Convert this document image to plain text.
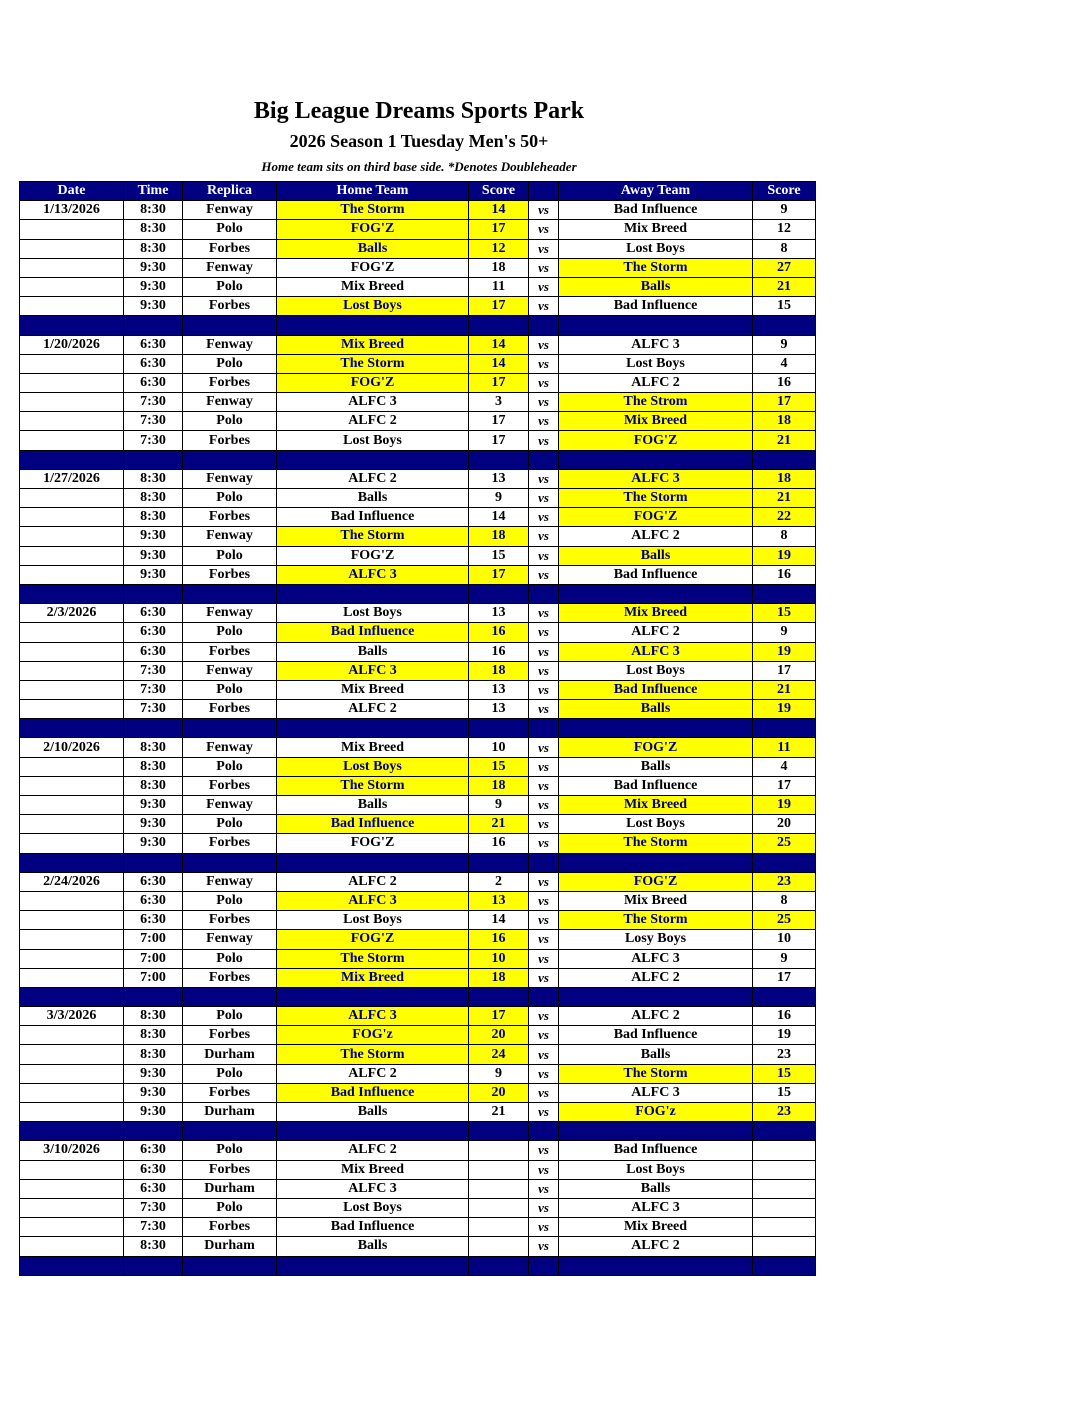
Big League Dreams Sports Park
2026 Season 1 Tuesday Men's 50+
Home team sits on third base side. *Denotes Doubleheader
Date	Time	Replica	Home Team	Score		Away Team	Score
1/13/2026	8:30	Fenway	The Storm	14	vs	Bad Influence	9
	8:30	Polo	FOG'Z	17	vs	Mix Breed	12
	8:30	Forbes	Balls	12	vs	Lost Boys	8
	9:30	Fenway	FOG'Z	18	vs	The Storm	27
	9:30	Polo	Mix Breed	11	vs	Balls	21
	9:30	Forbes	Lost Boys	17	vs	Bad Influence	15

1/20/2026	6:30	Fenway	Mix Breed	14	vs	ALFC 3	9
	6:30	Polo	The Storm	14	vs	Lost Boys	4
	6:30	Forbes	FOG'Z	17	vs	ALFC 2	16
	7:30	Fenway	ALFC 3	3	vs	The Strom	17
	7:30	Polo	ALFC 2	17	vs	Mix Breed	18
	7:30	Forbes	Lost Boys	17	vs	FOG'Z	21

1/27/2026	8:30	Fenway	ALFC 2	13	vs	ALFC 3	18
	8:30	Polo	Balls	9	vs	The Storm	21
	8:30	Forbes	Bad Influence	14	vs	FOG'Z	22
	9:30	Fenway	The Storm	18	vs	ALFC 2	8
	9:30	Polo	FOG'Z	15	vs	Balls	19
	9:30	Forbes	ALFC 3	17	vs	Bad Influence	16

2/3/2026	6:30	Fenway	Lost Boys	13	vs	Mix Breed	15
	6:30	Polo	Bad Influence	16	vs	ALFC 2	9
	6:30	Forbes	Balls	16	vs	ALFC 3	19
	7:30	Fenway	ALFC 3	18	vs	Lost Boys	17
	7:30	Polo	Mix Breed	13	vs	Bad Influence	21
	7:30	Forbes	ALFC 2	13	vs	Balls	19

2/10/2026	8:30	Fenway	Mix Breed	10	vs	FOG'Z	11
	8:30	Polo	Lost Boys	15	vs	Balls	4
	8:30	Forbes	The Storm	18	vs	Bad Influence	17
	9:30	Fenway	Balls	9	vs	Mix Breed	19
	9:30	Polo	Bad Influence	21	vs	Lost Boys	20
	9:30	Forbes	FOG'Z	16	vs	The Storm	25

2/24/2026	6:30	Fenway	ALFC 2	2	vs	FOG'Z	23
	6:30	Polo	ALFC 3	13	vs	Mix Breed	8
	6:30	Forbes	Lost Boys	14	vs	The Storm	25
	7:00	Fenway	FOG'Z	16	vs	Losy Boys	10
	7:00	Polo	The Storm	10	vs	ALFC 3	9
	7:00	Forbes	Mix Breed	18	vs	ALFC 2	17

3/3/2026	8:30	Polo	ALFC 3	17	vs	ALFC 2	16
	8:30	Forbes	FOG'z	20	vs	Bad Influence	19
	8:30	Durham	The Storm	24	vs	Balls	23
	9:30	Polo	ALFC 2	9	vs	The Storm	15
	9:30	Forbes	Bad Influence	20	vs	ALFC 3	15
	9:30	Durham	Balls	21	vs	FOG'z	23

3/10/2026	6:30	Polo	ALFC 2		vs	Bad Influence	
	6:30	Forbes	Mix Breed		vs	Lost Boys	
	6:30	Durham	ALFC 3		vs	Balls	
	7:30	Polo	Lost Boys		vs	ALFC 3	
	7:30	Forbes	Bad Influence		vs	Mix Breed	
	8:30	Durham	Balls		vs	ALFC 2	
